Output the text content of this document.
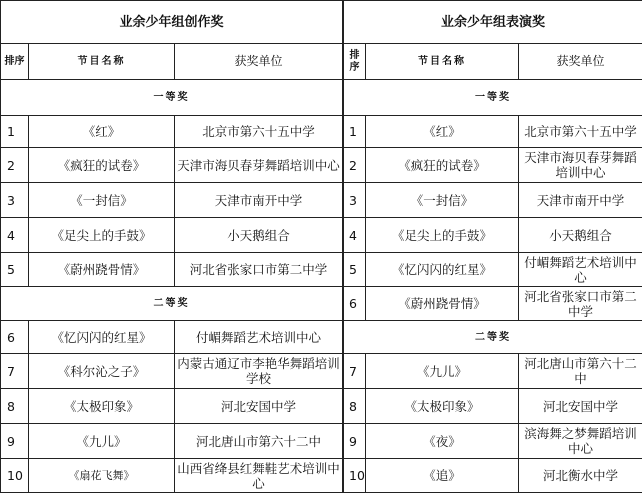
业余少年组创作奖		
排序	节目名称	获奖单位
一等奖		
1	《红》	北京市第六十五中学
2	《疯狂的试卷》	天津市海贝春芽舞蹈培训中心
3	《一封信》	天津市南开中学
4	《足尖上的手鼓》	小天鹅组合
5	《蔚州跷骨情》	河北省张家口市第二中学
二等奖		
6	《忆闪闪的红星》	付嵋舞蹈艺术培训中心
7	《科尔沁之子》	内蒙古通辽市李艳华舞蹈培训学校
8	《太极印象》	河北安国中学
9	《九儿》	河北唐山市第六十二中
10	《扇花飞舞》	山西省绛县红舞鞋艺术培训中心
业余少年组表演奖		
排序	节目名称	获奖单位
一等奖		
1	《红》	北京市第六十五中学
2	《疯狂的试卷》	天津市海贝春芽舞蹈培训中心
3	《一封信》	天津市南开中学
4	《足尖上的手鼓》	小天鹅组合
5	《忆闪闪的红星》	付嵋舞蹈艺术培训中心
6	《蔚州跷骨情》	河北省张家口市第二中学
二等奖		
7	《九儿》	河北唐山市第六十二中
8	《太极印象》	河北安国中学
9	《夜》	滨海舞之梦舞蹈培训中心
10	《追》	河北衡水中学
